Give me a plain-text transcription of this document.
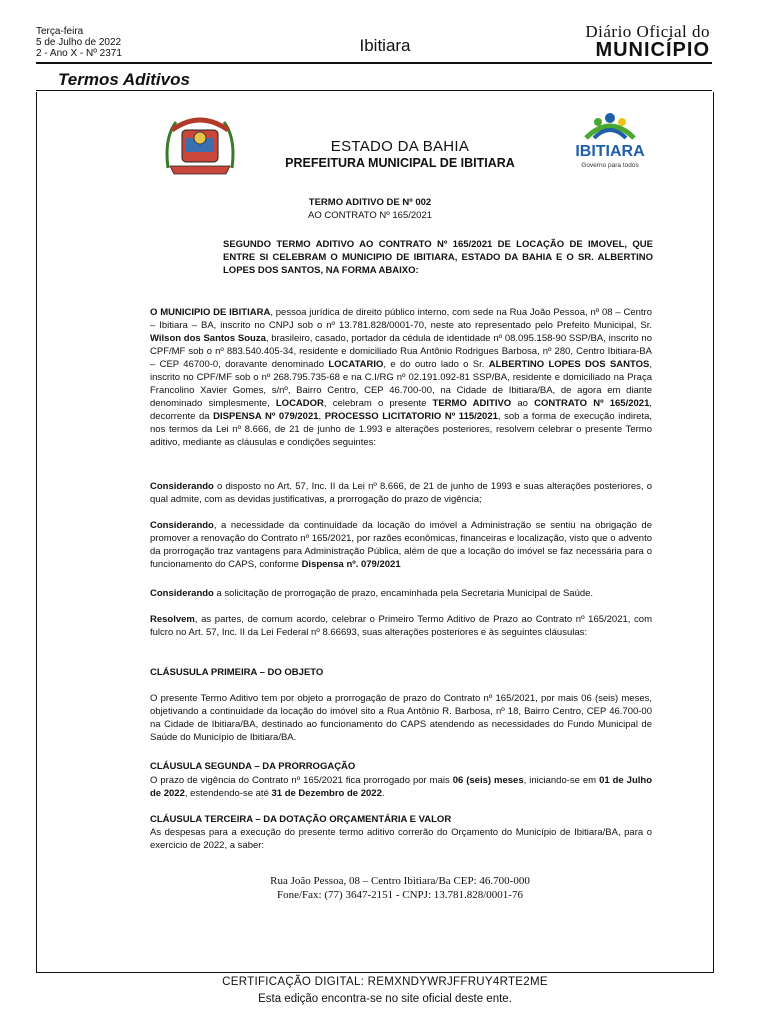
Terça-feira
5 de Julho de 2022
2 - Ano X - Nº 2371	Ibitiara
Diário Oficial do
MUNICÍPIO
Termos Aditivos
IBITIARA
Governo para todos
ESTADO DA BAHIA
PREFEITURA MUNICIPAL DE IBITIARA
TERMO ADITIVO DE Nº 002
AO CONTRATO Nº 165/2021
SEGUNDO TERMO ADITIVO AO CONTRATO Nº 165/2021 DE LOCAÇÃO DE IMOVEL, QUE ENTRE SI CELEBRAM O MUNICIPIO DE IBITIARA, ESTADO DA BAHIA E O SR. ALBERTINO LOPES DOS SANTOS, NA FORMA ABAIXO:

O MUNICIPIO DE IBITIARA, pessoa jurídica de direito público interno, com sede na Rua João Pessoa, nº 08 – Centro – Ibitiara – BA, inscrito no CNPJ sob o nº 13.781.828/0001-70, neste ato representado pelo Prefeito Municipal, Sr. Wilson dos Santos Souza, brasileiro, casado, portador da cédula de identidade nº 08.095.158-90 SSP/BA, inscrito no CPF/MF sob o nº 883.540.405-34, residente e domiciliado Rua Antônio Rodrigues Barbosa, nº 280, Centro Ibitiara-BA – CEP 46700-0, doravante denominado LOCATARIO, e do outro lado o Sr. ALBERTINO LOPES DOS SANTOS, inscrito no CPF/MF sob o nº 268.795.735-68 e na C.I/RG nº 02.191.092-81 SSP/BA, residente e domiciliado na Praça Francolino Xavier Gomes, s/nº, Bairro Centro, CEP 46.700-00, na Cidade de Ibitiara/BA, de agora em diante denominado simplesmente, LOCADOR, celebram o presente TERMO ADITIVO ao CONTRATO Nº 165/2021, decorrente da DISPENSA Nº 079/2021, PROCESSO LICITATORIO Nº 115/2021, sob a forma de execução indireta, nos termos da Lei nº 8.666, de 21 de junho de 1.993 e alterações posteriores, resolvem celebrar o presente Termo aditivo, mediante as cláusulas e condições seguintes:

Considerando o disposto no Art. 57, Inc. II da Lei nº 8.666, de 21 de junho de 1993 e suas alterações posteriores, o qual admite, com as devidas justificativas, a prorrogação do prazo de vigência;

Considerando, a necessidade da continuidade da locação do imóvel a Administração se sentiu na obrigação de promover a renovação do Contrato nº 165/2021, por razões econômicas, financeiras e localização, visto que o advento da prorrogação traz vantagens para Administração Pública, além de que a locação do imóvel se faz necessária para o funcionamento do CAPS, conforme Dispensa nº. 079/2021

Considerando a solicitação de prorrogação de prazo, encaminhada pela Secretaria Municipal de Saúde.

Resolvem, as partes, de comum acordo, celebrar o Primeiro Termo Aditivo de Prazo ao Contrato nº 165/2021, com fulcro no Art. 57, Inc. II da Lei Federal nº 8.66693, suas alterações posteriores e às seguintes cláusulas:

CLÁSUSULA PRIMEIRA – DO OBJETO
O presente Termo Aditivo tem por objeto a prorrogação de prazo do Contrato nº 165/2021, por mais 06 (seis) meses, objetivando a continuidade da locação do imóvel sito a Rua Antônio R. Barbosa, nº 18, Bairro Centro, CEP 46.700-00 na Cidade de Ibitiara/BA, destinado ao funcionamento do CAPS atendendo as necessidades do Fundo Municipal de Saúde do Município de Ibitiara/BA.
CLÁUSULA SEGUNDA – DA PRORROGAÇÃO

O prazo de vigência do Contrato nº 165/2021 fica prorrogado por mais 06 (seis) meses, iniciando-se em 01 de Julho de 2022, estendendo-se até 31 de Dezembro de 2022.

CLÁUSULA TERCEIRA – DA DOTAÇÃO ORÇAMENTÁRIA E VALOR
As despesas para a execução do presente termo aditivo correrão do Orçamento do Município de Ibitiara/BA, para o exercicio de 2022, a saber:
Rua João Pessoa, 08 – Centro Ibitiara/Ba CEP: 46.700-000
Fone/Fax: (77) 3647-2151 - CNPJ: 13.781.828/0001-76
CERTIFICAÇÃO DIGITAL: REMXNDYWRJFFRUY4RTE2ME
Esta edição encontra-se no site oficial deste ente.
